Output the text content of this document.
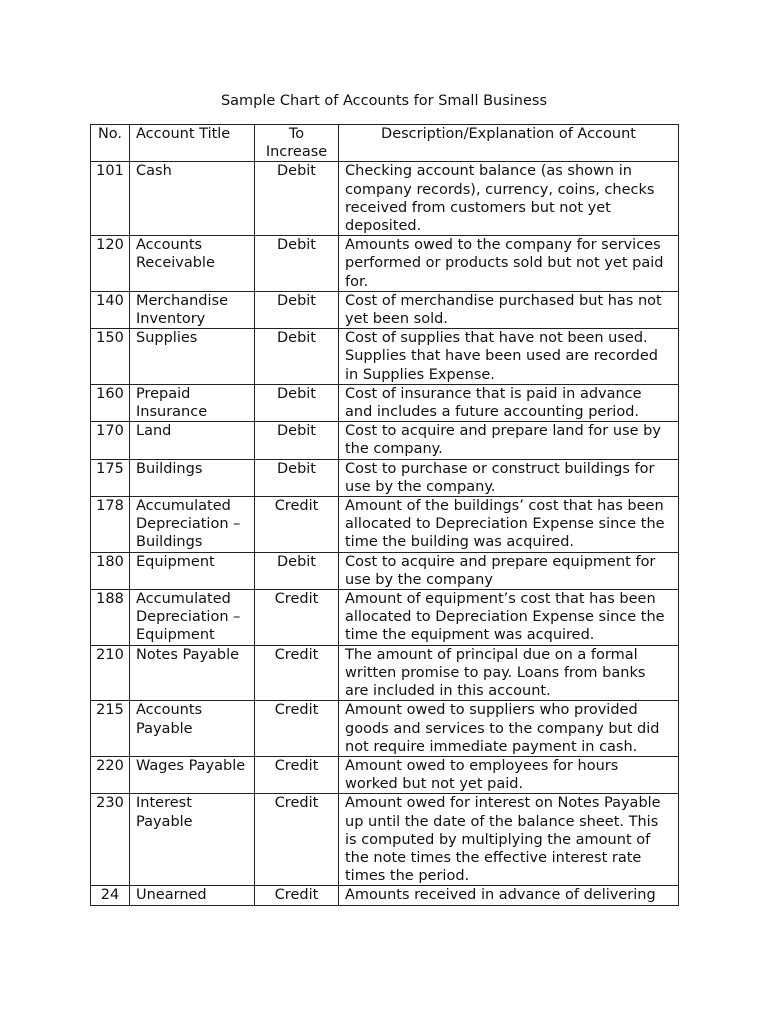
Sample Chart of Accounts for Small Business
No.	Account Title	To Increase	Description/Explanation of Account
101	Cash	Debit	Checking account balance (as shown in company records), currency, coins, checks received from customers but not yet deposited.
120	Accounts Receivable	Debit	Amounts owed to the company for services performed or products sold but not yet paid for.
140	Merchandise Inventory	Debit	Cost of merchandise purchased but has not yet been sold.
150	Supplies	Debit	Cost of supplies that have not been used. Supplies that have been used are recorded in Supplies Expense.
160	Prepaid Insurance	Debit	Cost of insurance that is paid in advance and includes a future accounting period.
170	Land	Debit	Cost to acquire and prepare land for use by the company.
175	Buildings	Debit	Cost to purchase or construct buildings for use by the company.
178	Accumulated Depreciation – Buildings	Credit	Amount of the buildings’ cost that has been allocated to Depreciation Expense since the time the building was acquired.
180	Equipment	Debit	Cost to acquire and prepare equipment for use by the company
188	Accumulated Depreciation – Equipment	Credit	Amount of equipment’s cost that has been allocated to Depreciation Expense since the time the equipment was acquired.
210	Notes Payable	Credit	The amount of principal due on a formal written promise to pay. Loans from banks are included in this account.
215	Accounts Payable	Credit	Amount owed to suppliers who provided goods and services to the company but did not require immediate payment in cash.
220	Wages Payable	Credit	Amount owed to employees for hours worked but not yet paid.
230	Interest Payable	Credit	Amount owed for interest on Notes Payable up until the date of the balance sheet. This is computed by multiplying the amount of the note times the effective interest rate times the period.
24	Unearned	Credit	Amounts received in advance of delivering
